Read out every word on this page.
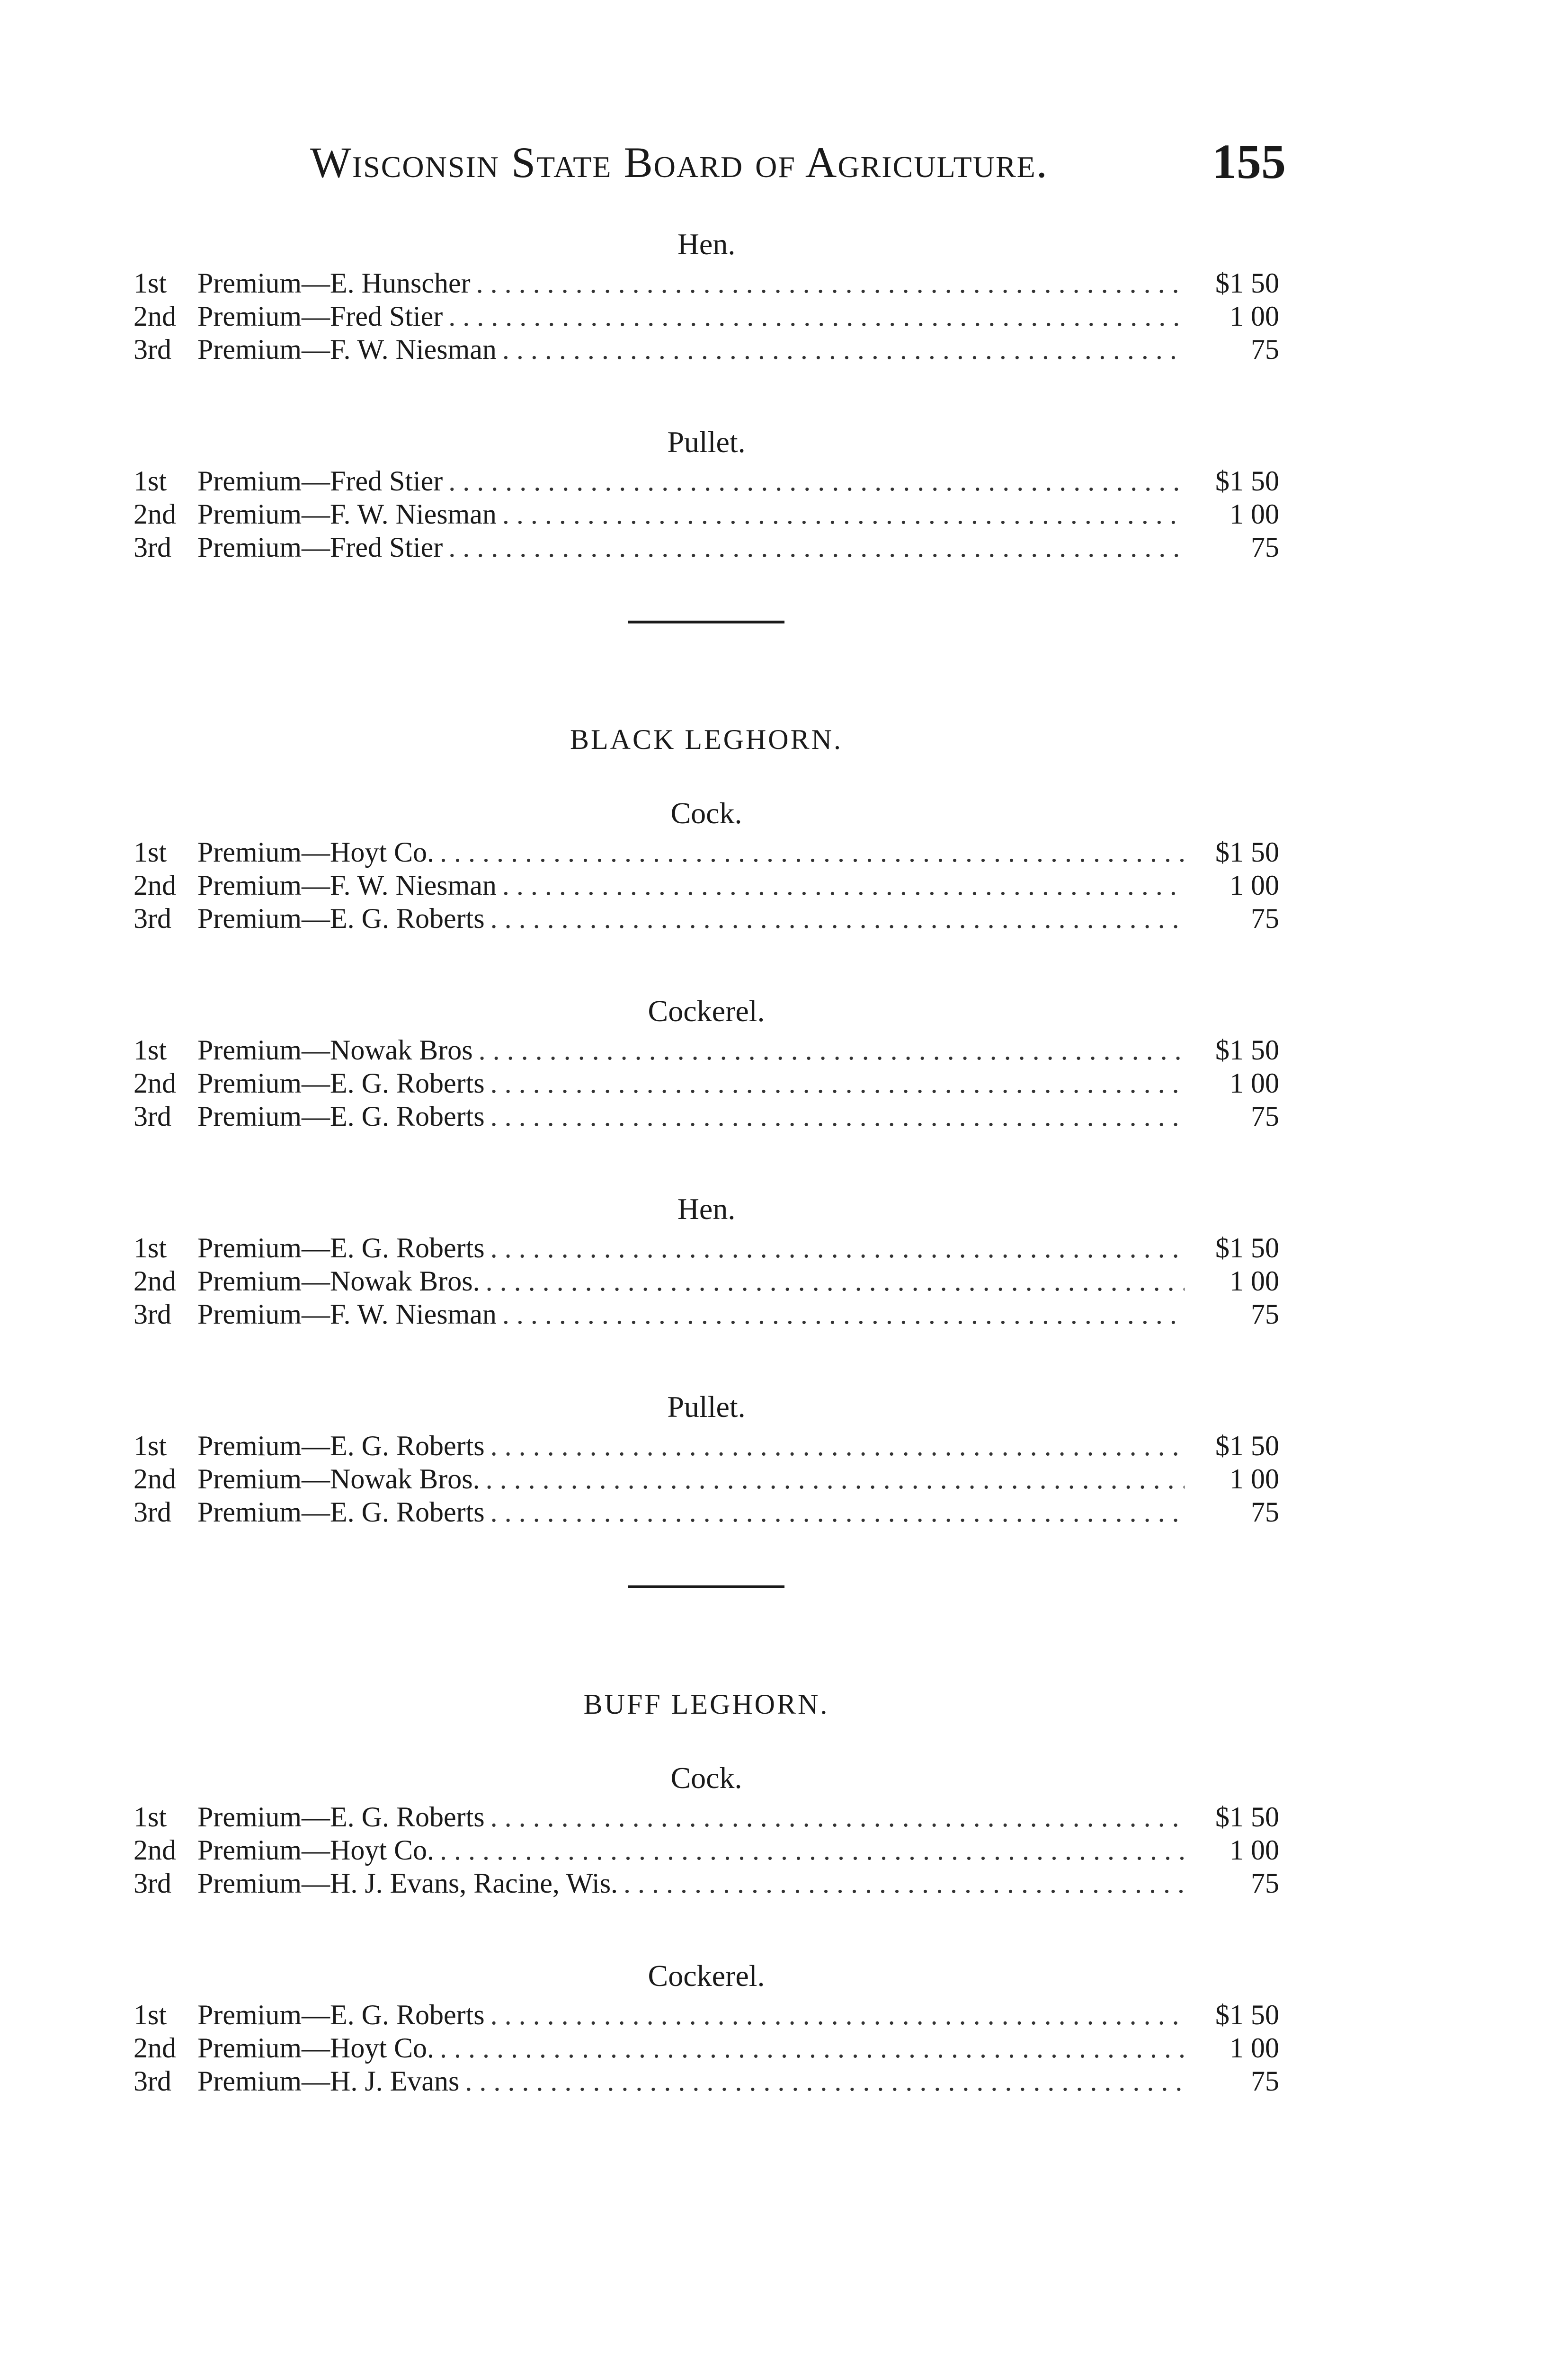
Wisconsin State Board of Agriculture.	155
Hen.
1st	Premium—E. Hunscher . . .	$1 50
2nd Premium—Fred Stier . . .	1 00
3rd Premium—F. W. Niesman . . .	75
Pullet.
1st	Premium—Fred Stier . . .	$1 50
2nd Premium—F. W. Niesman . . .	1 00
3rd Premium—Fred Stier . . .	75
BLACK LEGHORN.
Cock.
1st	Premium—Hoyt Co. . . .	$1 50
2nd Premium—F. W. Niesman . . .	1 00
3rd Premium—E. G. Roberts . . .	75
Cockerel.
1st	Premium—Nowak Bros . . .	$1 50
2nd Premium—E. G. Roberts . . .	1 00
3rd Premium—E. G. Roberts . . .	75
Hen.
1st	Premium—E. G. Roberts . . .	$1 50
2nd Premium—Nowak Bros. . . .	1 00
3rd Premium—F. W. Niesman . . .	75
Pullet.
1st	Premium—E. G. Roberts . . .	$1 50
2nd Premium—Nowak Bros. . . .	1 00
3rd Premium—E. G. Roberts . . .	75
BUFF LEGHORN.
Cock.
1st	Premium—E. G. Roberts . . .	$1 50
2nd Premium—Hoyt Co. . . .	1 00
3rd Premium—H. J. Evans, Racine, Wis. . . .	75
Cockerel.
1st	Premium—E. G. Roberts . . .	$1 50
2nd Premium—Hoyt Co. . . .	1 00
3rd Premium—H. J. Evans . . .	75
